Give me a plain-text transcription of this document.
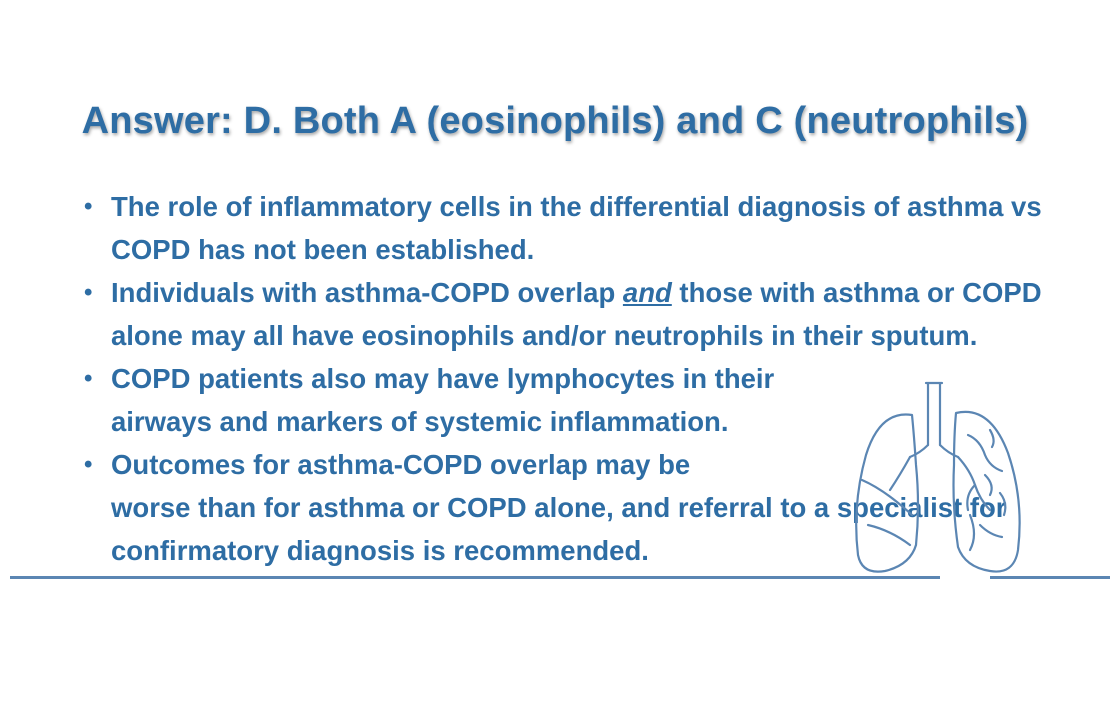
Answer: D. Both A (eosinophils) and C (neutrophils)
• The role of inflammatory cells in the differential diagnosis of asthma vs COPD has not been established.
• Individuals with asthma-COPD overlap and those with asthma or COPD alone may all have eosinophils and/or neutrophils in their sputum.
• COPD patients also may have lymphocytes in their airways and markers of systemic inflammation.
• Outcomes for asthma-COPD overlap may be
worse than for asthma or COPD alone, and referral to a specialist for confirmatory diagnosis is recommended.
